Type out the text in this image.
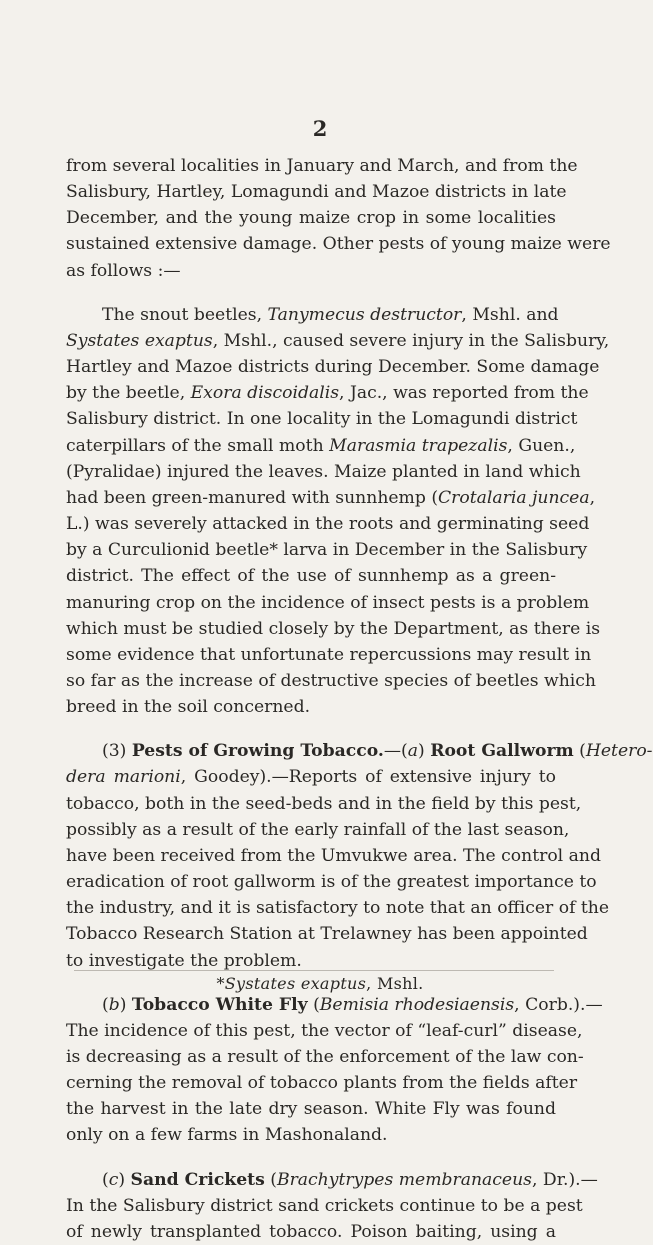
2
from several localities in January and March, and from the
Salisbury, Hartley, Lomagundi and Mazoe districts in late
December, and the young maize crop in some localities
sustained extensive damage. Other pests of young maize were
as follows :—
The snout beetles, Tanymecus destructor, Mshl. and
Systates exaptus, Mshl., caused severe injury in the Salisbury,
Hartley and Mazoe districts during December. Some damage
by the beetle, Exora discoidalis, Jac., was reported from the
Salisbury district. In one locality in the Lomagundi district
caterpillars of the small moth Marasmia trapezalis, Guen.,
(Pyralidae) injured the leaves. Maize planted in land which
had been green-manured with sunnhemp (Crotalaria juncea,
L.) was severely attacked in the roots and germinating seed
by a Curculionid beetle* larva in December in the Salisbury
district. The effect of the use of sunnhemp as a green-
manuring crop on the incidence of insect pests is a problem
which must be studied closely by the Department, as there is
some evidence that unfortunate repercussions may result in
so far as the increase of destructive species of beetles which
breed in the soil concerned.
(3) Pests of Growing Tobacco.—(a) Root Gallworm (Hetero-
dera marioni, Goodey).—Reports of extensive injury to
tobacco, both in the seed-beds and in the field by this pest,
possibly as a result of the early rainfall of the last season,
have been received from the Umvukwe area. The control and
eradication of root gallworm is of the greatest importance to
the industry, and it is satisfactory to note that an officer of the
Tobacco Research Station at Trelawney has been appointed
to investigate the problem.
(b) Tobacco White Fly (Bemisia rhodesiaensis, Corb.).—
The incidence of this pest, the vector of “leaf-curl” disease,
is decreasing as a result of the enforcement of the law con-
cerning the removal of tobacco plants from the fields after
the harvest in the late dry season. White Fly was found
only on a few farms in Mashonaland.
(c) Sand Crickets (Brachytrypes membranaceus, Dr.).—
In the Salisbury district sand crickets continue to be a pest
of newly transplanted tobacco. Poison baiting, using a
*Systates exaptus, Mshl.
